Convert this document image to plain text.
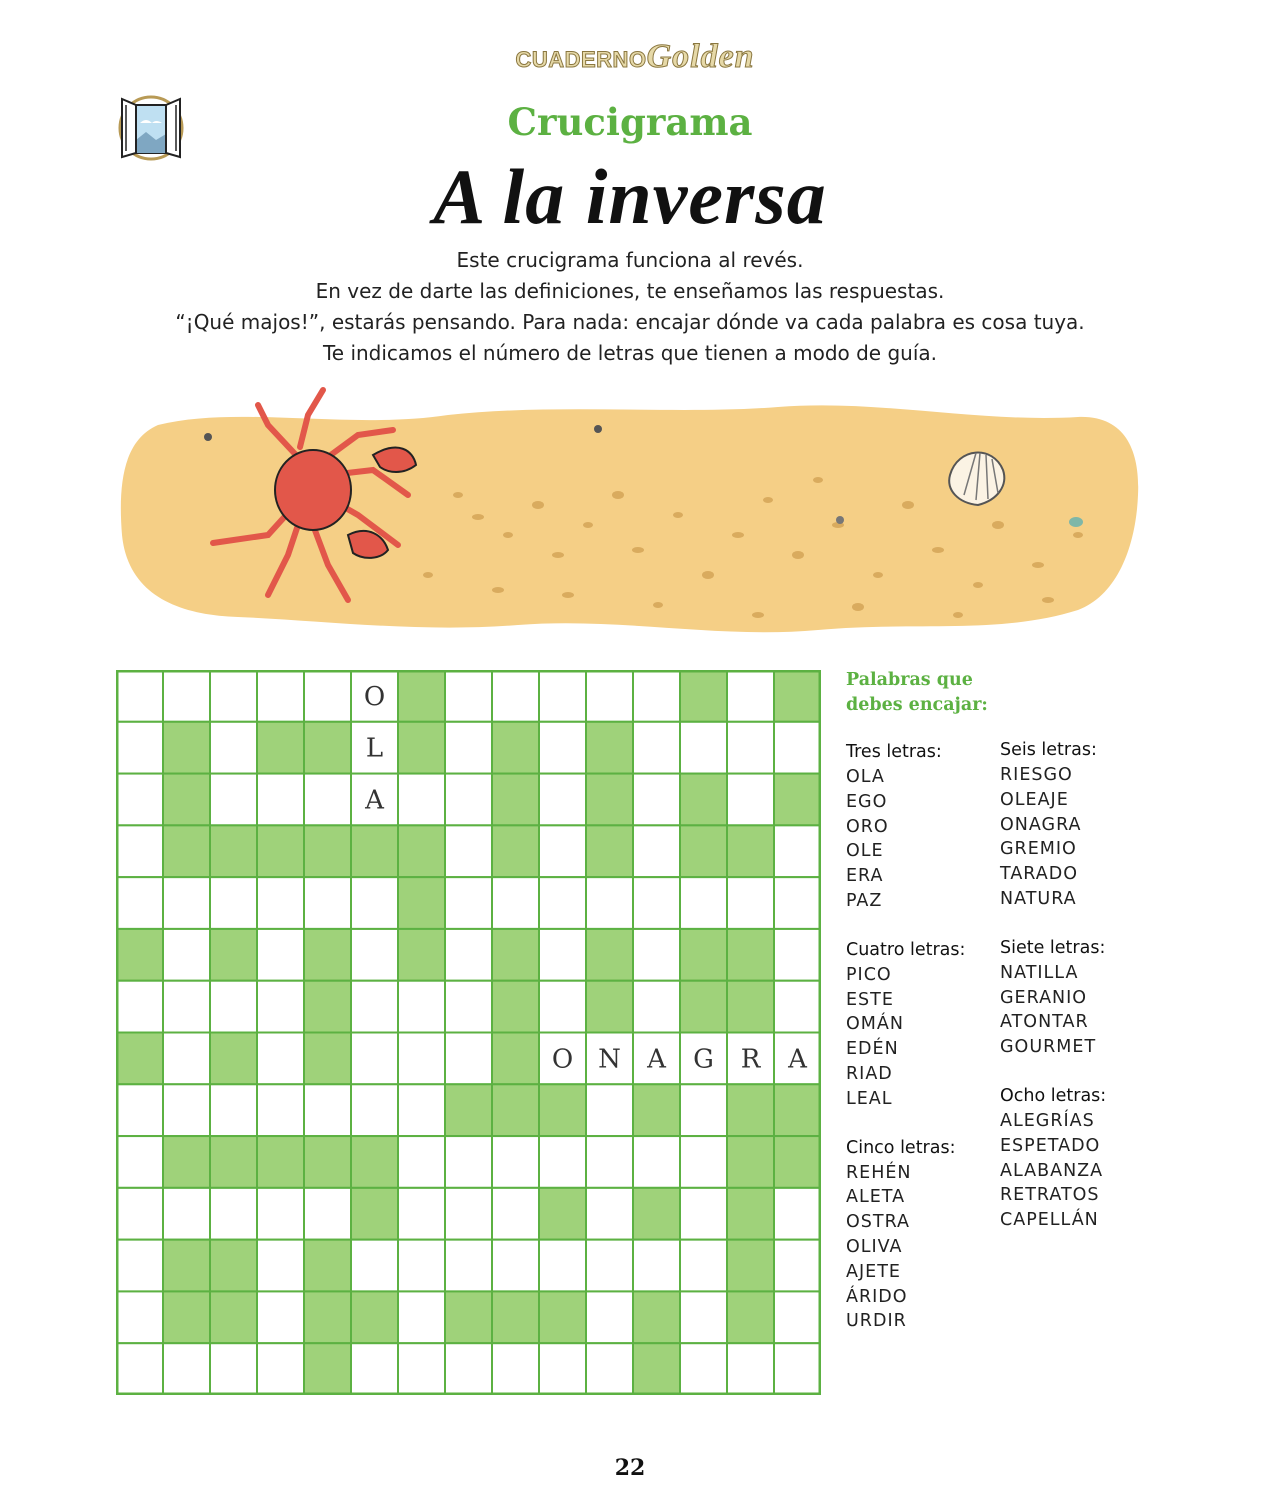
CUADERNOGolden
Crucigrama
A la inversa
Este crucigrama funciona al revés.
En vez de darte las definiciones, te enseñamos las respuestas.
“¡Qué majos!”, estarás pensando. Para nada: encajar dónde va cada palabra es cosa tuya.
Te indicamos el número de letras que tienen a modo de guía.
O
L
A
O N A G R A
Palabras que
debes encajar:
Tres letras:
OLA
EGO
ORO
OLE
ERA
PAZ
Cuatro letras:
PICO
ESTE
OMÁN
EDÉN
RIAD
LEAL
Cinco letras:
REHÉN
ALETA
OSTRA
OLIVA
AJETE
ÁRIDO
URDIR
Seis letras:
RIESGO
OLEAJE
ONAGRA
GREMIO
TARADO
NATURA
Siete letras:
NATILLA
GERANIO
ATONTAR
GOURMET
Ocho letras:
ALEGRÍAS
ESPETADO
ALABANZA
RETRATOS
CAPELLÁN
22
